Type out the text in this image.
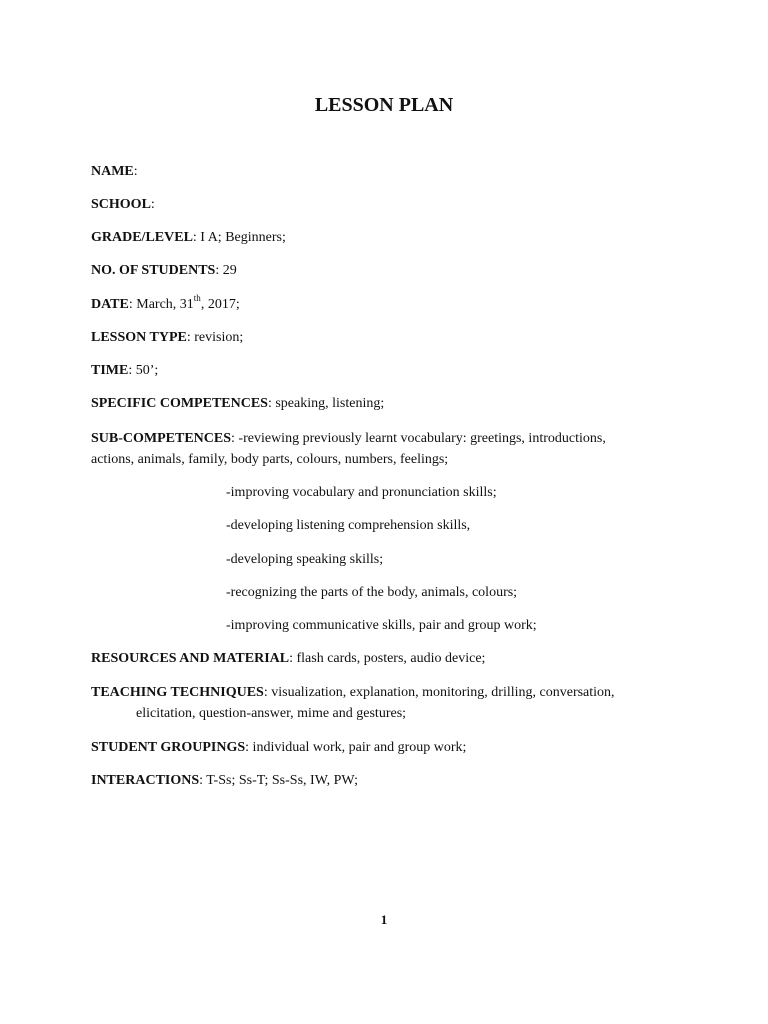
LESSON PLAN
NAME:
SCHOOL:
GRADE/LEVEL: I A; Beginners;
NO. OF STUDENTS: 29
DATE: March, 31th, 2017;
LESSON TYPE: revision;
TIME: 50’;
SPECIFIC COMPETENCES: speaking, listening;
SUB-COMPETENCES: -reviewing previously learnt vocabulary: greetings, introductions,
actions, animals, family, body parts, colours, numbers, feelings;
-improving vocabulary and pronunciation skills;
-developing listening comprehension skills,
-developing speaking skills;
-recognizing the parts of the body, animals, colours;
-improving communicative skills, pair and group work;
RESOURCES AND MATERIAL: flash cards, posters, audio device;
TEACHING TECHNIQUES: visualization, explanation, monitoring, drilling, conversation,
elicitation, question-answer, mime and gestures;
STUDENT GROUPINGS: individual work, pair and group work;
INTERACTIONS: T-Ss; Ss-T; Ss-Ss, IW, PW;
1
